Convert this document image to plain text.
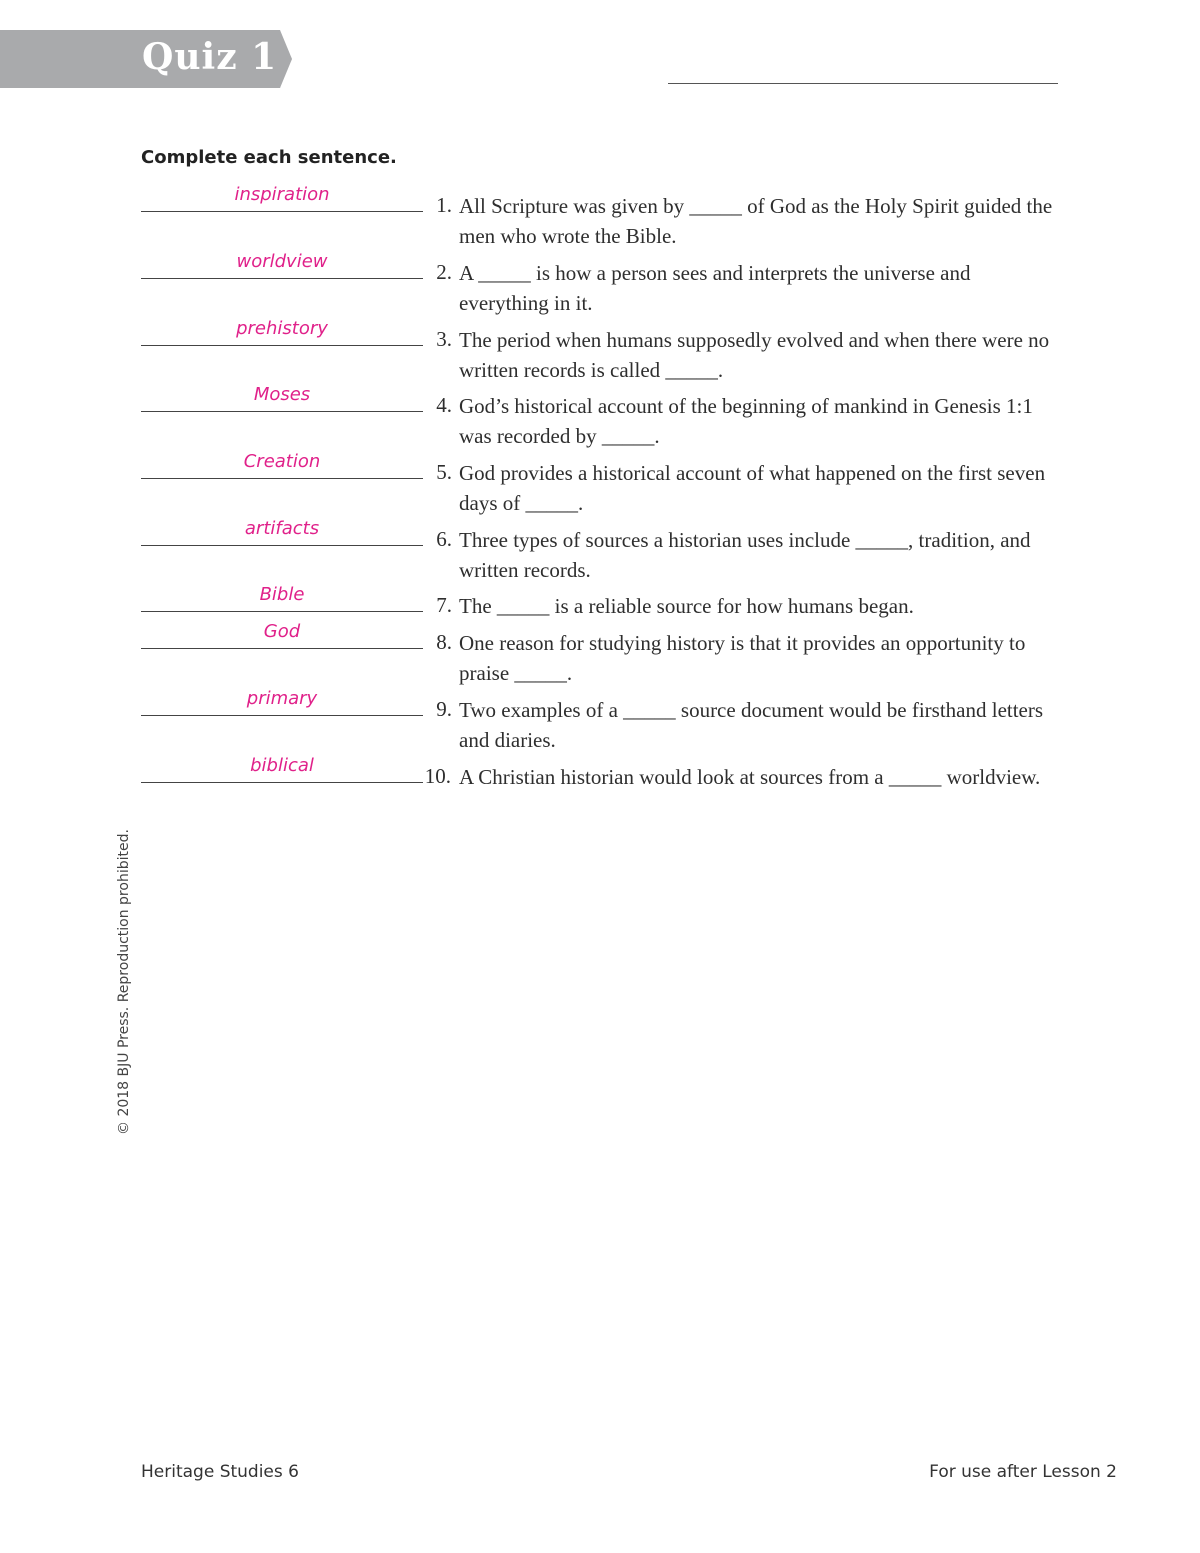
Quiz 1
Complete each sentence.
inspiration	1. All Scripture was given by _____ of God as the Holy Spirit guided the men who wrote the Bible.
worldview	2. A _____ is how a person sees and interprets the universe and everything in it.
prehistory	3. The period when humans supposedly evolved and when there were no written records is called _____.
Moses	4. God’s historical account of the beginning of mankind in Genesis 1:1 was recorded by _____.
Creation	5. God provides a historical account of what happened on the first seven days of _____.
artifacts	6. Three types of sources a historian uses include _____, tradition, and written records.
Bible	7. The _____ is a reliable source for how humans began.
God	8. One reason for studying history is that it provides an opportunity to praise _____.
primary	9. Two examples of a _____ source document would be firsthand letters and diaries.
biblical	10. A Christian historian would look at sources from a _____ worldview.
© 2018 BJU Press. Reproduction prohibited.
Heritage Studies 6	For use after Lesson 2
